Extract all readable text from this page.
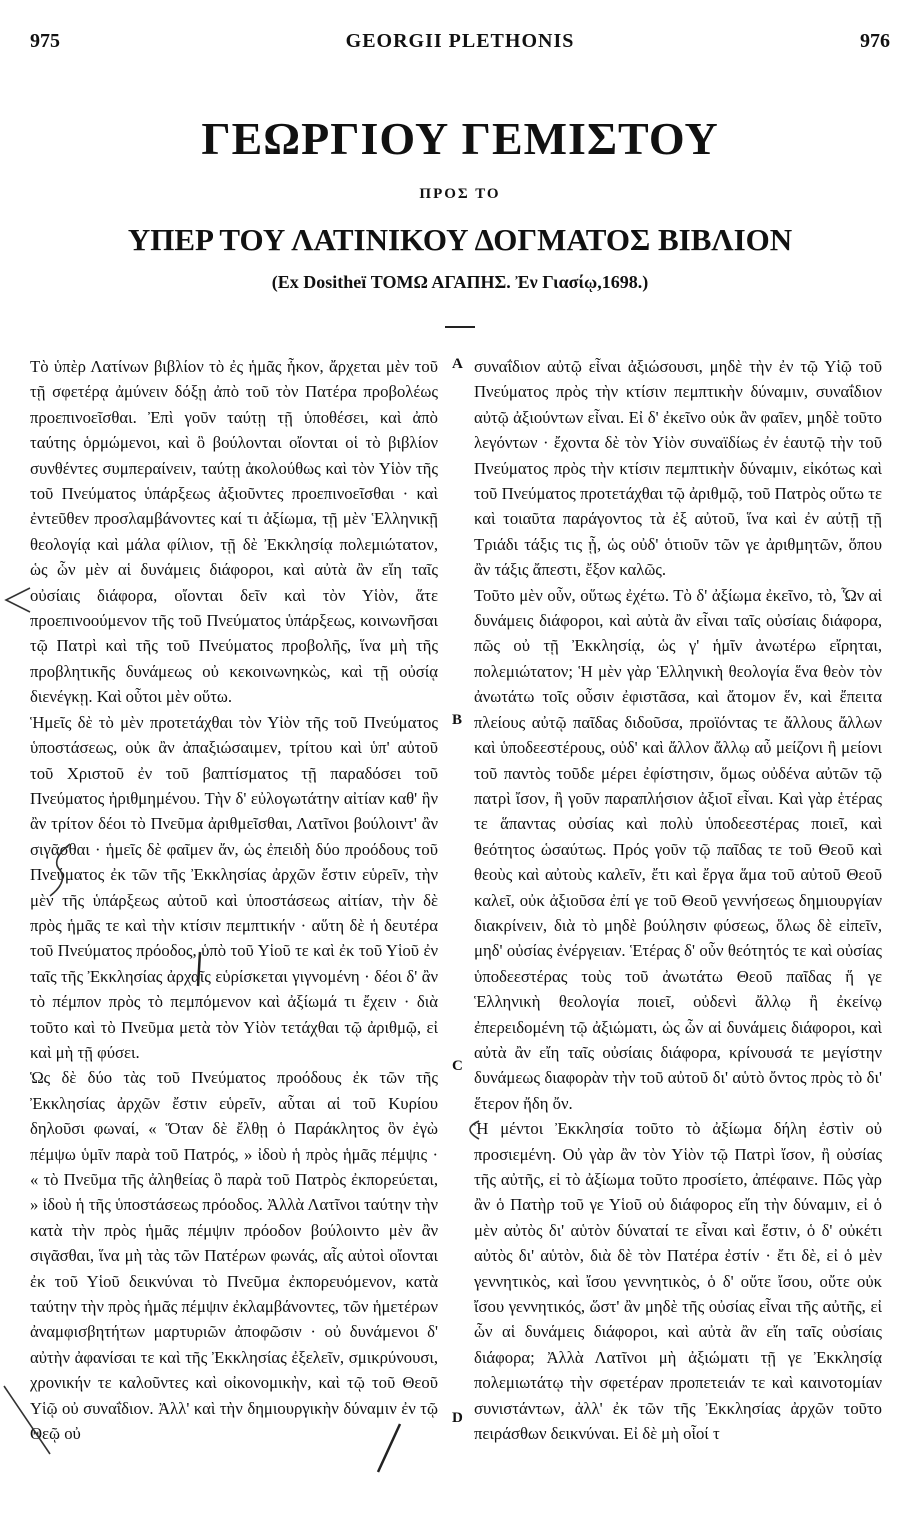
975	GEORGII PLETHONIS	976
ΓΕΩΡΓΙΟΥ ΓΕΜΙΣΤΟΥ
ΠΡΟΣ ΤΟ
ΥΠΕΡ ΤΟΥ ΛΑΤΙΝΙΚΟΥ ΔΟΓΜΑΤΟΣ ΒΙΒΛΙΟΝ
(Ex Dositheï ΤΟΜΩ ΑΓΑΠΗΣ. Ἐν Γιασίῳ,1698.)

Τὸ ὑπὲρ Λατίνων βιβλίον τὸ ἐς ἡμᾶς ἧκον, ἄρχεται μὲν τοῦ τῇ σφετέρᾳ ἀμύνειν δόξῃ ἀπὸ τοῦ τὸν Πατέρα προβολέως προεπινοεῖσθαι. Ἐπὶ γοῦν ταύτῃ τῇ ὑποθέσει, καὶ ἀπὸ ταύτης ὁρμώμενοι, καὶ ὃ βούλονται οἴονται οἱ τὸ βιβλίον συνθέντες συμπεραίνειν, ταύτῃ ἀκολούθως καὶ τὸν Υἱὸν τῆς τοῦ Πνεύματος ὑπάρξεως ἀξιοῦντες προεπινοεῖσθαι · καὶ ἐντεῦθεν προσλαμβάνοντες καί τι ἀξίωμα, τῇ μὲν Ἑλληνικῇ θεολογίᾳ καὶ μάλα φίλιον, τῇ δὲ Ἐκκλησίᾳ πολεμιώτατον, ὡς ὧν μὲν αἱ δυνάμεις διάφοροι, καὶ αὐτὰ ἂν εἴη ταῖς οὐσίαις διάφορα, οἴονται δεῖν καὶ τὸν Υἱὸν, ἅτε προεπινοούμενον τῆς τοῦ Πνεύματος ὑπάρξεως, κοινωνῆσαι τῷ Πατρὶ καὶ τῆς τοῦ Πνεύματος προβολῆς, ἵνα μὴ τῆς προβλητικῆς δυνάμεως οὐ κεκοινωνηκὼς, καὶ τῇ οὐσίᾳ διενέγκῃ. Καὶ οὗτοι μὲν οὕτω.

Ἡμεῖς δὲ τὸ μὲν προτετάχθαι τὸν Υἱὸν τῆς τοῦ Πνεύματος ὑποστάσεως, οὐκ ἂν ἀπαξιώσαιμεν, τρίτου καὶ ὑπ' αὐτοῦ τοῦ Χριστοῦ ἐν τοῦ βαπτίσματος τῇ παραδόσει τοῦ Πνεύματος ἠριθμημένου. Τὴν δ' εὐλογωτάτην αἰτίαν καθ' ἣν ἂν τρίτον δέοι τὸ Πνεῦμα ἀριθμεῖσθαι, Λατῖνοι βούλοιντ' ἂν σιγᾶσθαι · ἡμεῖς δὲ φαῖμεν ἄν, ὡς ἐπειδὴ δύο προόδους τοῦ Πνεύματος ἐκ τῶν τῆς Ἐκκλησίας ἀρχῶν ἔστιν εὑρεῖν, τὴν μὲν τῆς ὑπάρξεως αὐτοῦ καὶ ὑποστάσεως αἰτίαν, τὴν δὲ πρὸς ἡμᾶς τε καὶ τὴν κτίσιν πεμπτικήν · αὕτη δὲ ἡ δευτέρα τοῦ Πνεύματος πρόοδος, ὑπὸ τοῦ Υἱοῦ τε καὶ ἐκ τοῦ Υἱοῦ ἐν ταῖς τῆς Ἐκκλησίας ἀρχαῖς εὑρίσκεται γιγνομένη · δέοι δ' ἂν τὸ πέμπον πρὸς τὸ πεμπόμενον καὶ ἀξίωμά τι ἔχειν · διὰ τοῦτο καὶ τὸ Πνεῦμα μετὰ τὸν Υἱὸν τετάχθαι τῷ ἀριθμῷ, εἰ καὶ μὴ τῇ φύσει.

Ὡς δὲ δύο τὰς τοῦ Πνεύματος προόδους ἐκ τῶν τῆς Ἐκκλησίας ἀρχῶν ἔστιν εὑρεῖν, αὗται αἱ τοῦ Κυρίου δηλοῦσι φωναί, « Ὅταν δὲ ἔλθῃ ὁ Παράκλητος ὃν ἐγὼ πέμψω ὑμῖν παρὰ τοῦ Πατρός, » ἰδοὺ ἡ πρὸς ἡμᾶς πέμψις · « τὸ Πνεῦμα τῆς ἀληθείας ὃ παρὰ τοῦ Πατρὸς ἐκπορεύεται, » ἰδοὺ ἡ τῆς ὑποστάσεως πρόοδος. Ἀλλὰ Λατῖνοι ταύτην τὴν κατὰ τὴν πρὸς ἡμᾶς πέμψιν πρόοδον βούλοιντο μὲν ἂν σιγᾶσθαι, ἵνα μὴ τὰς τῶν Πατέρων φωνάς, αἷς αὐτοὶ οἴονται ἐκ τοῦ Υἱοῦ δεικνύναι τὸ Πνεῦμα ἐκπορευόμενον, κατὰ ταύτην τὴν πρὸς ἡμᾶς πέμψιν ἐκλαμβάνοντες, τῶν ἡμετέρων ἀναμφισβητήτων μαρτυριῶν ἀποφῶσιν · οὐ δυνάμενοι δ' αὐτὴν ἀφανίσαι τε καὶ τῆς Ἐκκλησίας ἐξελεῖν, σμικρύνουσι, χρονικήν τε καλοῦντες καὶ οἰκονομικὴν, καὶ τῷ τοῦ Θεοῦ Υἱῷ οὐ συναΐδιον. Ἀλλ' καὶ τὴν δημιουργικὴν δύναμιν ἐν τῷ Θεῷ οὐ

A
B
C
D

συναΐδιον αὐτῷ εἶναι ἀξιώσουσι, μηδὲ τὴν ἐν τῷ Υἱῷ τοῦ Πνεύματος πρὸς τὴν κτίσιν πεμπτικὴν δύναμιν, συναΐδιον αὐτῷ ἀξιούντων εἶναι. Εἰ δ' ἐκεῖνο οὐκ ἂν φαῖεν, μηδὲ τοῦτο λεγόντων · ἔχοντα δὲ τὸν Υἱὸν συναϊδίως ἐν ἑαυτῷ τὴν τοῦ Πνεύματος πρὸς τὴν κτίσιν πεμπτικὴν δύναμιν, εἰκότως καὶ τοῦ Πνεύματος προτετάχθαι τῷ ἀριθμῷ, τοῦ Πατρὸς οὕτω τε καὶ τοιαῦτα παράγοντος τὰ ἐξ αὐτοῦ, ἵνα καὶ ἐν αὐτῇ τῇ Τριάδι τάξις τις ᾖ, ὡς οὐδ' ὁτιοῦν τῶν γε ἀριθμητῶν, ὅπου ἂν τάξις ἄπεστι, ἔξον καλῶς.

Τοῦτο μὲν οὖν, οὕτως ἐχέτω. Τὸ δ' ἀξίωμα ἐκεῖνο, τὸ, Ὧν αἱ δυνάμεις διάφοροι, καὶ αὐτὰ ἂν εἶναι ταῖς οὐσίαις διάφορα, πῶς οὐ τῇ Ἐκκλησίᾳ, ὡς γ' ἡμῖν ἀνωτέρω εἴρηται, πολεμιώτατον; Ἡ μὲν γὰρ Ἑλληνικὴ θεολογία ἕνα θεὸν τὸν ἀνωτάτω τοῖς οὖσιν ἐφιστᾶσα, καὶ ἄτομον ἕν, καὶ ἔπειτα πλείους αὐτῷ παῖδας διδοῦσα, προϊόντας τε ἄλλους ἄλλων καὶ ὑποδεεστέρους, οὐδ' καὶ ἄλλον ἄλλῳ αὖ μείζονι ἢ μείονι τοῦ παντὸς τοῦδε μέρει ἐφίστησιν, ὅμως οὐδένα αὐτῶν τῷ πατρὶ ἴσον, ἢ γοῦν παραπλήσιον ἀξιοῖ εἶναι. Καὶ γὰρ ἑτέρας τε ἅπαντας οὐσίας καὶ πολὺ ὑποδεεστέρας ποιεῖ, καὶ θεότητος ὡσαύτως. Πρός γοῦν τῷ παῖδας τε τοῦ Θεοῦ καὶ θεοὺς καὶ αὐτοὺς καλεῖν, ἔτι καὶ ἔργα ἅμα τοῦ αὐτοῦ Θεοῦ καλεῖ, οὐκ ἀξιοῦσα ἐπί γε τοῦ Θεοῦ γεννήσεως δημιουργίαν διακρίνειν, διὰ τὸ μηδὲ βούλησιν φύσεως, ὅλως δὲ εἰπεῖν, μηδ' οὐσίας ἐνέργειαν. Ἑτέρας δ' οὖν θεότητός τε καὶ οὐσίας ὑποδεεστέρας τοὺς τοῦ ἀνωτάτω Θεοῦ παῖδας ἥ γε Ἑλληνικὴ θεολογία ποιεῖ, οὐδενὶ ἄλλῳ ἢ ἐκείνῳ ἐπερειδομένη τῷ ἀξιώματι, ὡς ὧν αἱ δυνάμεις διάφοροι, καὶ αὐτὰ ἂν εἴη ταῖς οὐσίαις διάφορα, κρίνουσά τε μεγίστην δυνάμεως διαφορὰν τὴν τοῦ αὐτοῦ δι' αὑτὸ ὄντος πρὸς τὸ δι' ἕτερον ἤδη ὄν.

Ἡ μέντοι Ἐκκλησία τοῦτο τὸ ἀξίωμα δήλη ἐστὶν οὐ προσιεμένη. Οὐ γὰρ ἂν τὸν Υἱὸν τῷ Πατρὶ ἴσον, ἢ οὐσίας τῆς αὐτῆς, εἰ τὸ ἀξίωμα τοῦτο προσίετο, ἀπέφαινε. Πῶς γὰρ ἂν ὁ Πατὴρ τοῦ γε Υἱοῦ οὐ διάφορος εἴη τὴν δύναμιν, εἰ ὁ μὲν αὐτὸς δι' αὑτὸν δύναταί τε εἶναι καὶ ἔστιν, ὁ δ' οὐκέτι αὐτὸς δι' αὑτὸν, διὰ δὲ τὸν Πατέρα ἐστίν · ἔτι δὲ, εἰ ὁ μὲν γεννητικὸς, καὶ ἴσου γεννητικὸς, ὁ δ' οὔτε ἴσου, οὔτε οὐκ ἴσου γεννητικός, ὥστ' ἂν μηδὲ τῆς οὐσίας εἶναι τῆς αὐτῆς, εἰ ὧν αἱ δυνάμεις διάφοροι, καὶ αὐτὰ ἂν εἴη ταῖς οὐσίαις διάφορα; Ἀλλὰ Λατῖνοι μὴ ἀξιώματι τῇ γε Ἐκκλησίᾳ πολεμιωτάτῳ τὴν σφετέραν προπετειάν τε καὶ καινοτομίαν συνιστάντων, ἀλλ' ἐκ τῶν τῆς Ἐκκλησίας ἀρχῶν τοῦτο πειράσθων δεικνύναι. Εἰ δὲ μὴ οἷοί τ
